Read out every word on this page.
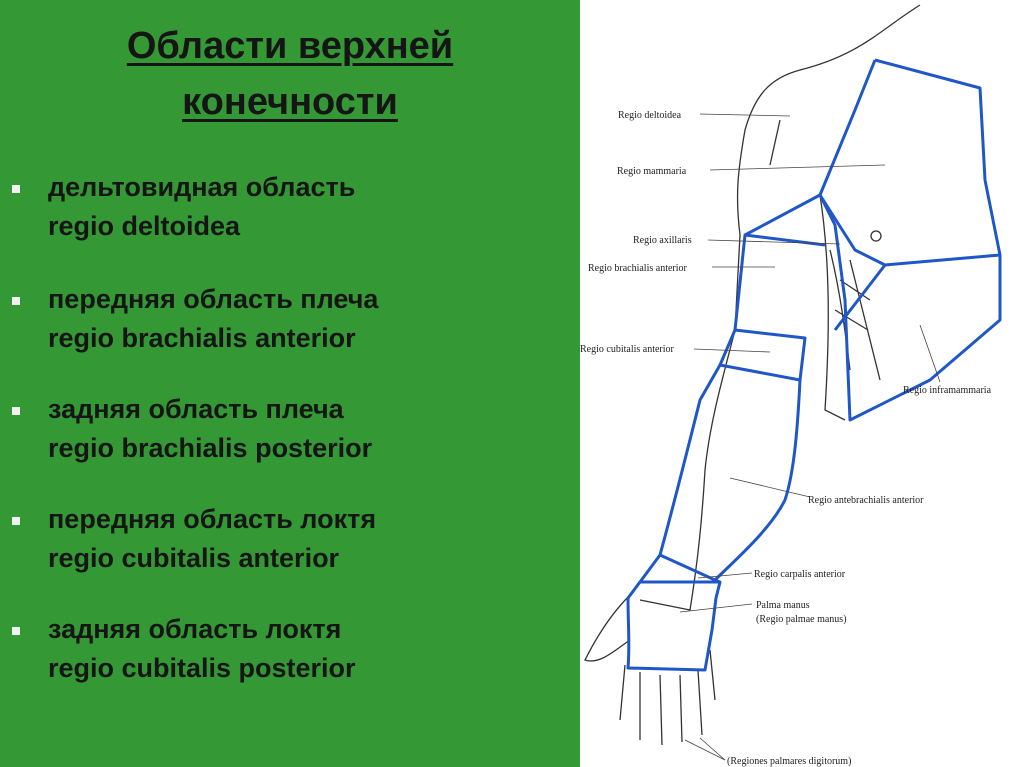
Области верхней конечности
дельтовидная область
regio deltoidea
передняя область плеча
regio brachialis anterior
задняя область плеча
regio brachialis posterior
передняя область локтя
regio cubitalis anterior
задняя область локтя
regio cubitalis posterior
Regio deltoidea
Regio mammaria
Regio axillaris
Regio brachialis anterior
Regio cubitalis anterior
Regio inframammaria
Regio antebrachialis anterior
Regio carpalis anterior
Palma manus
(Regio palmae manus)
(Regiones palmares digitorum)
